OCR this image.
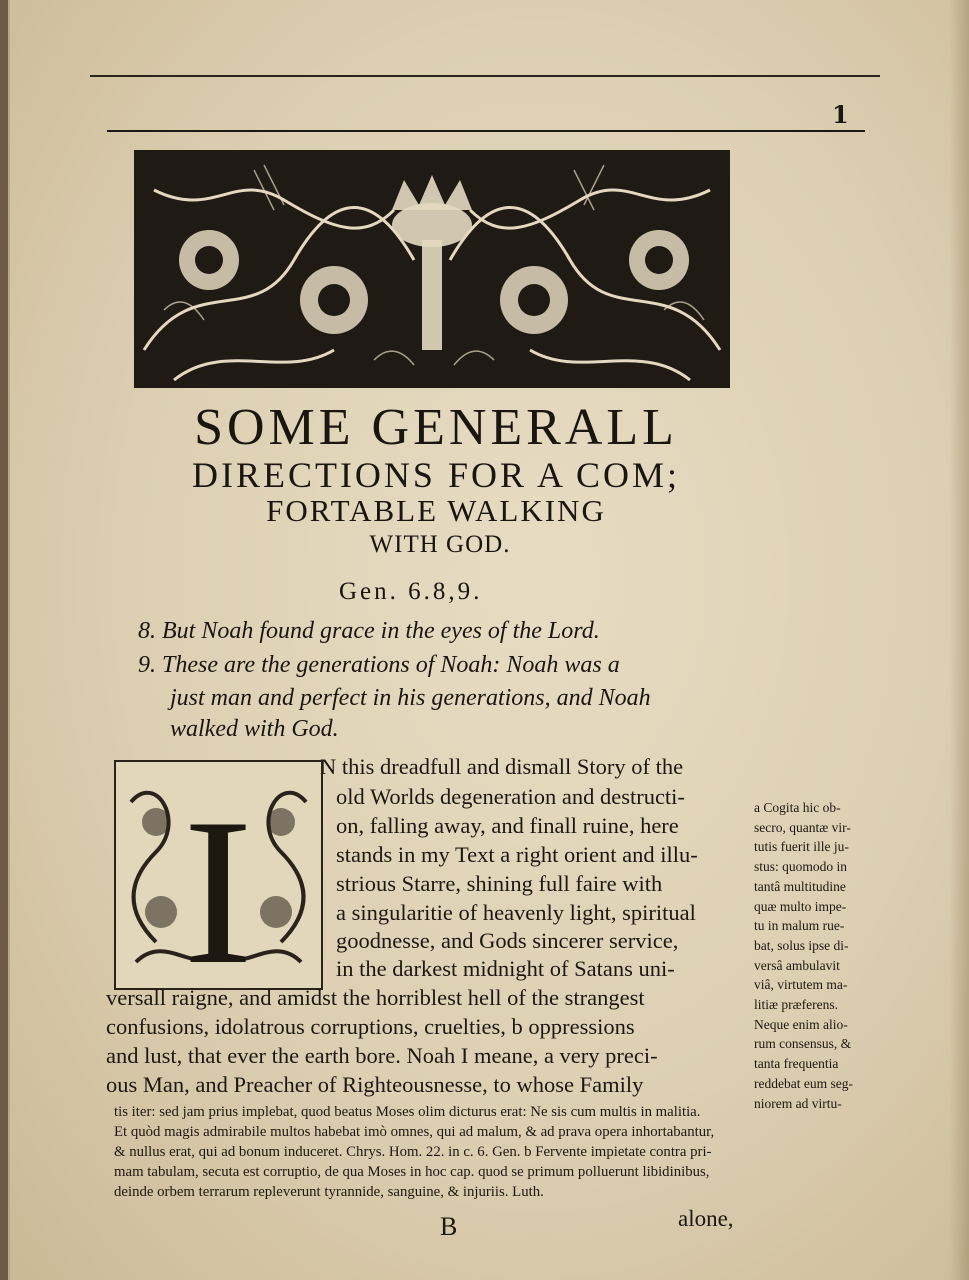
1
SOME GENERALL
DIRECTIONS FOR A COM;
FORTABLE WALKING
WITH GOD.
Gen. 6.8,9.
8. But Noah found grace in the eyes of the Lord.
9. These are the generations of Noah: Noah was a
just man and perfect in his generations, and Noah
walked with God.
I
N this dreadfull and dismall Story of the
old Worlds degeneration and destructi-
on, falling away, and finall ruine, here
stands in my Text a right orient and illu-
strious Starre, shining full faire with
a singularitie of heavenly light, spiritual
goodnesse, and Gods sincerer service,
in the darkest midnight of Satans uni-
versall raigne, and amidst the horriblest hell of the strangest
confusions, idolatrous corruptions, cruelties, b oppressions
and lust, that ever the earth bore. Noah I meane, a very preci-
ous Man, and Preacher of Righteousnesse, to whose Family
a Cogita hic ob-
secro, quantæ vir-
tutis fuerit ille ju-
stus: quomodo in
tantâ multitudine
quæ multo impe-
tu in malum rue-
bat, solus ipse di-
versâ ambulavit
viâ, virtutem ma-
litiæ præferens.
Neque enim alio-
rum consensus, &
tanta frequentia
reddebat eum seg-
niorem ad virtu-
tis iter: sed jam prius implebat, quod beatus Moses olim dicturus erat: Ne sis cum multis in malitia.
Et quòd magis admirabile multos habebat imò omnes, qui ad malum, & ad prava opera inhortabantur,
& nullus erat, qui ad bonum induceret. Chrys. Hom. 22. in c. 6. Gen. b Fervente impietate contra pri-
mam tabulam, secuta est corruptio, de qua Moses in hoc cap. quod se primum polluerunt libidinibus,
deinde orbem terrarum repleverunt tyrannide, sanguine, & injuriis. Luth.
B	alone,
